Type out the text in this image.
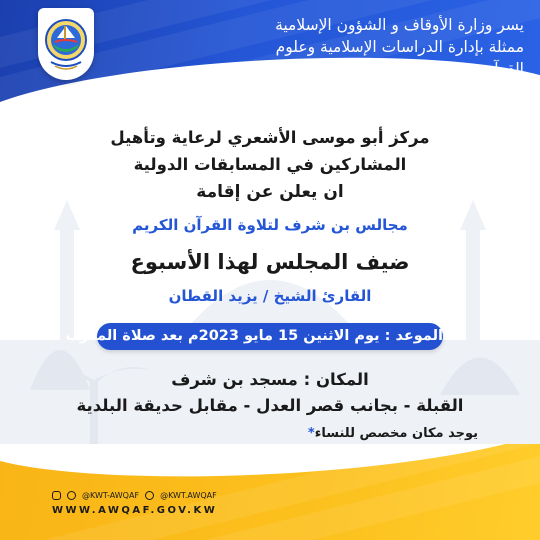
يسر وزارة الأوقاف و الشؤون الإسلامية
ممثلة بإدارة الدراسات الإسلامية وعلوم
القرآن بمحافظتي الأحمدي ومبارك الكبير
مراقبة شؤون القرآن الكريم
مركز أبو موسى الأشعري لرعاية وتأهيل
المشاركين في المسابقات الدولية
ان يعلن عن إقامة
مجالس بن شرف لتلاوة القرآن الكريم
ضيف المجلس لهذا الأسبوع
القارئ الشيخ / يزيد القطان
الموعد : يوم الاثنين 15 مايو 2023م بعد صلاة المغرب
المكان : مسجد بن شرف
القبلة - بجانب قصر العدل - مقابل حديقة البلدية
يوجد مكان مخصص للنساء*
@KWT-AWQAF	@KWT.AWQAF
WWW.AWQAF.GOV.KW
